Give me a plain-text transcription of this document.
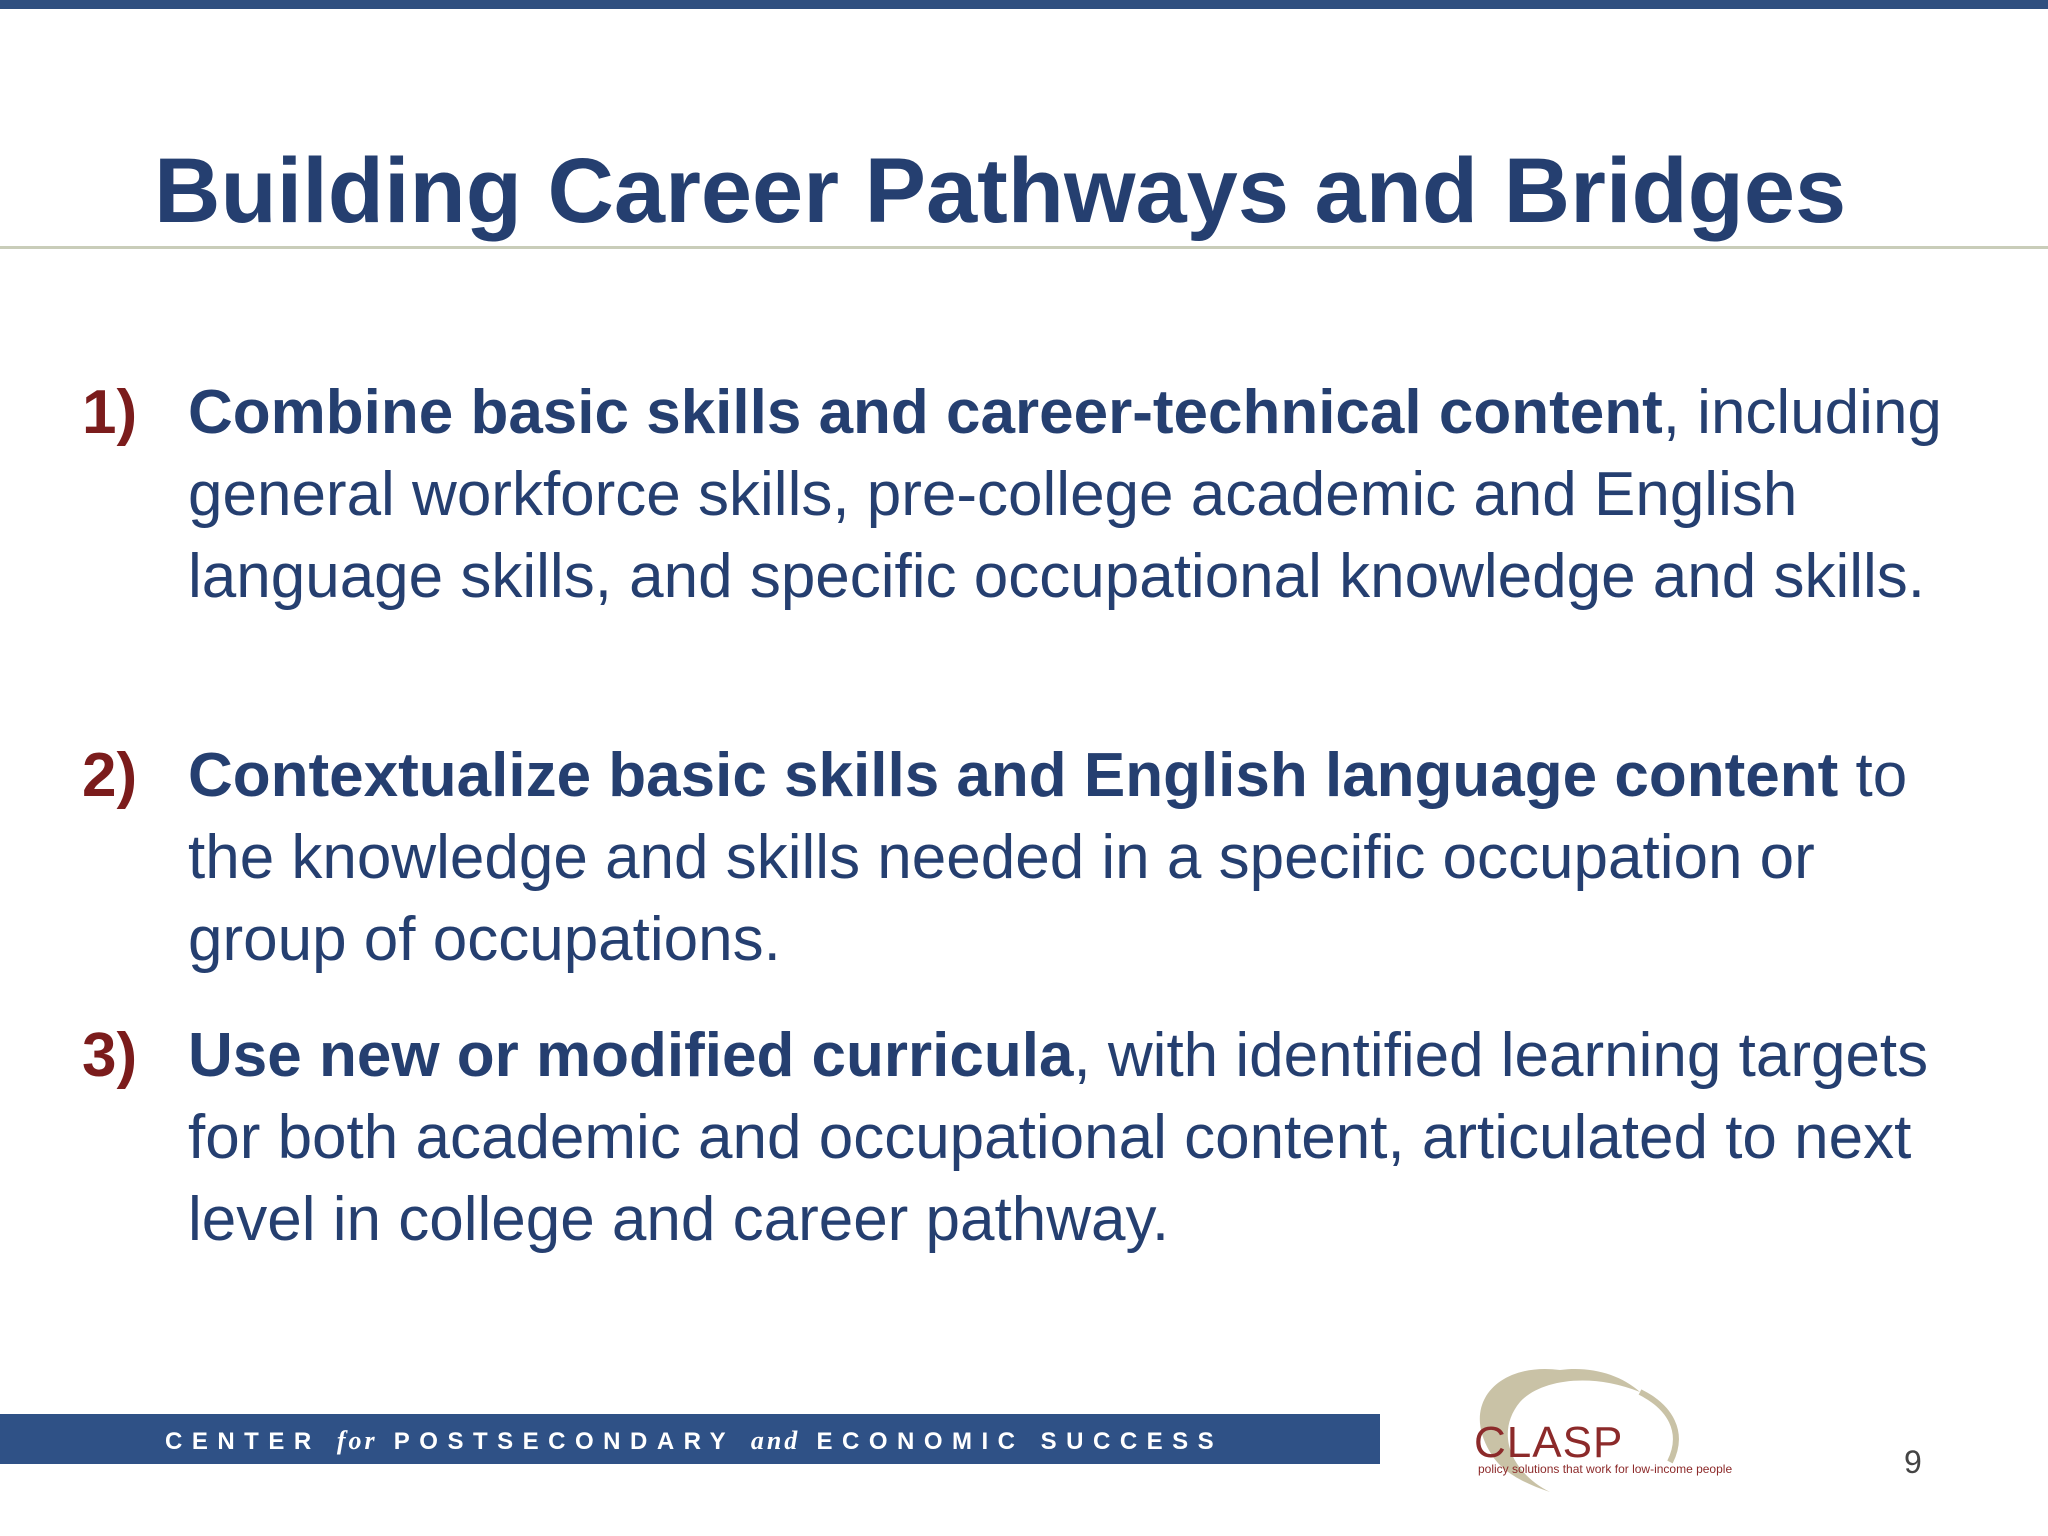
Building Career Pathways and Bridges
1) Combine basic skills and career-technical content, including general workforce skills, pre-college academic and English language skills, and specific occupational knowledge and skills.
2) Contextualize basic skills and English language content to the knowledge and skills needed in a specific occupation or group of occupations.
3) Use new or modified curricula, with identified learning targets for both academic and occupational content, articulated to next level in college and career pathway.
CENTER for POSTSECONDARY and ECONOMIC SUCCESS	CLASP
policy solutions that work for low-income people	9
